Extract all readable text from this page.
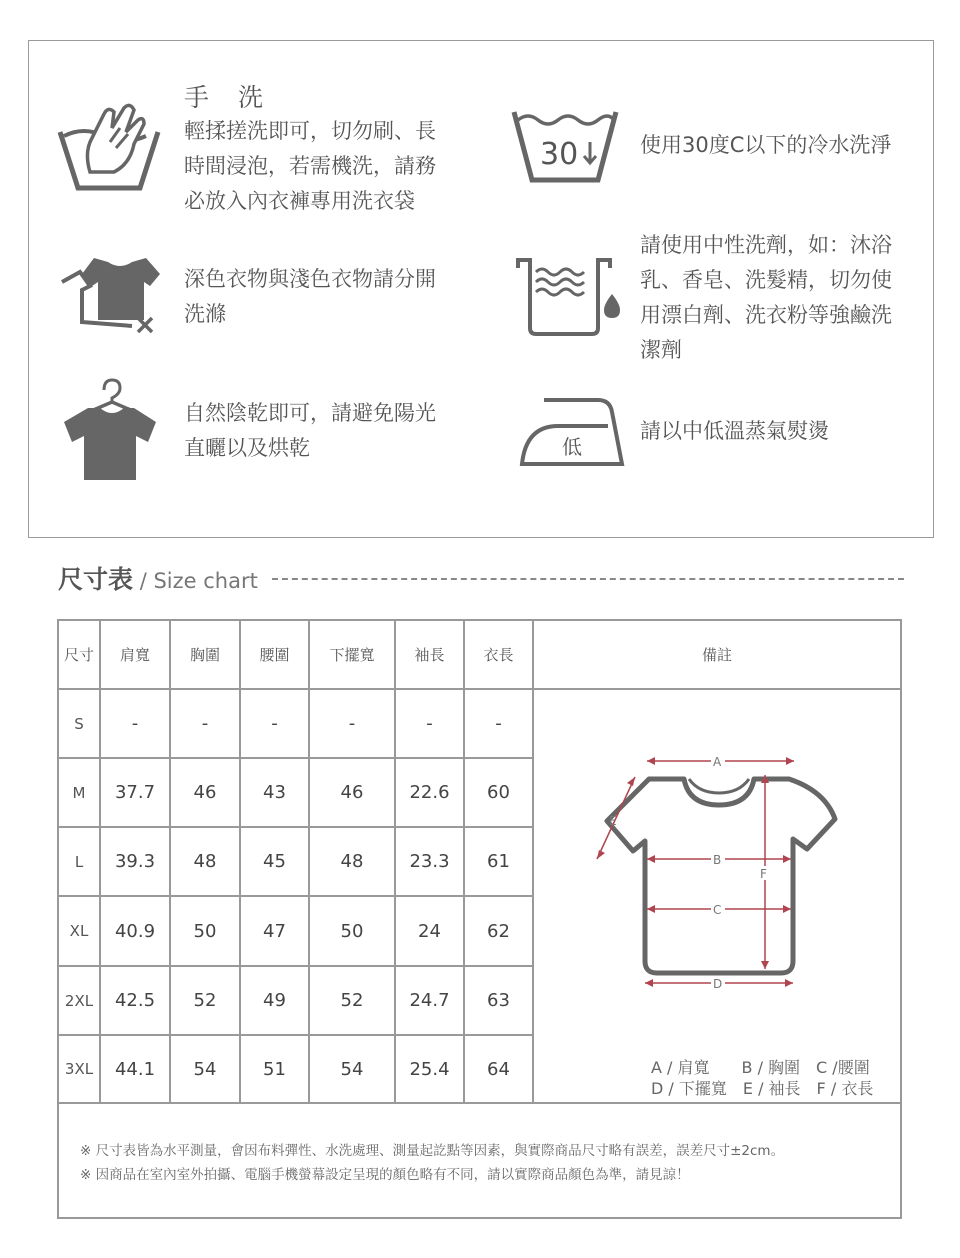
手　洗
輕揉搓洗即可，切勿刷、長
時間浸泡，若需機洗，請務
必放入內衣褲專用洗衣袋
30	使用30度C以下的冷水洗淨
深色衣物與淺色衣物請分開
洗滌
請使用中性洗劑，如：沐浴
乳、香皂、洗髮精，切勿使
用漂白劑、洗衣粉等強鹼洗
潔劑
自然陰乾即可，請避免陽光
直曬以及烘乾	低
請以中低溫蒸氣熨燙
尺寸表 / Size chart
尺寸	肩寬	胸圍	腰圍	下擺寬	袖長	衣長	備註
S	-	-	-	-	-	-
M	37.7	46	43	46	22.6	60
L	39.3	48	45	48	23.3	61
XL	40.9	50	47	50	24	62
2XL	42.5	52	49	52	24.7	63
3XL	44.1	54	51	54	25.4	64
A
E
F
B
C
D
A / 肩寬　　B / 胸圍　C /腰圍
D / 下擺寬　E / 袖長　F / 衣長
※ 尺寸表皆為水平測量，會因布料彈性、水洗處理、測量起訖點等因素，與實際商品尺寸略有誤差，誤差尺寸±2cm。
※ 因商品在室內室外拍攝、電腦手機螢幕設定呈現的顏色略有不同，請以實際商品顏色為準，請見諒！
